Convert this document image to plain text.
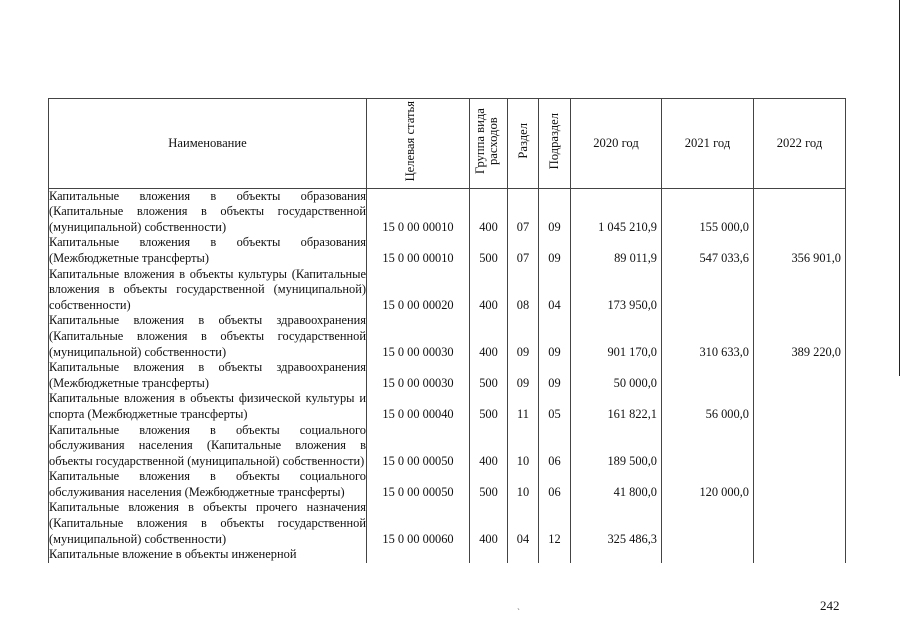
Наименование	Целевая статья	Группа вида расходов	Раздел	Подраздел	2020 год	2021 год	2022 год
Капитальные вложения в объекты образования (Капитальные вложения в объекты государственной (муниципальной) собственности)	15 0 00 00010	400	07	09	1 045 210,9	155 000,0	
Капитальные вложения в объекты образования (Межбюджетные трансферты)	15 0 00 00010	500	07	09	89 011,9	547 033,6	356 901,0
Капитальные вложения в объекты культуры (Капитальные вложения в объекты государственной (муниципальной) собственности)	15 0 00 00020	400	08	04	173 950,0		
Капитальные вложения в объекты здравоохранения (Капитальные вложения в объекты государственной (муниципальной) собственности)	15 0 00 00030	400	09	09	901 170,0	310 633,0	389 220,0
Капитальные вложения в объекты здравоохранения (Межбюджетные трансферты)	15 0 00 00030	500	09	09	50 000,0		
Капитальные вложения в объекты физической культуры и спорта (Межбюджетные трансферты)	15 0 00 00040	500	11	05	161 822,1	56 000,0	
Капитальные вложения в объекты социального обслуживания населения (Капитальные вложения в объекты государственной (муниципальной) собственности)	15 0 00 00050	400	10	06	189 500,0		
Капитальные вложения в объекты социального обслуживания населения (Межбюджетные трансферты)	15 0 00 00050	500	10	06	41 800,0	120 000,0	
Капитальные вложения в объекты прочего назначения (Капитальные вложения в объекты государственной (муниципальной) собственности)	15 0 00 00060	400	04	12	325 486,3		
Капитальные вложение в объекты инженерной							
`	242
